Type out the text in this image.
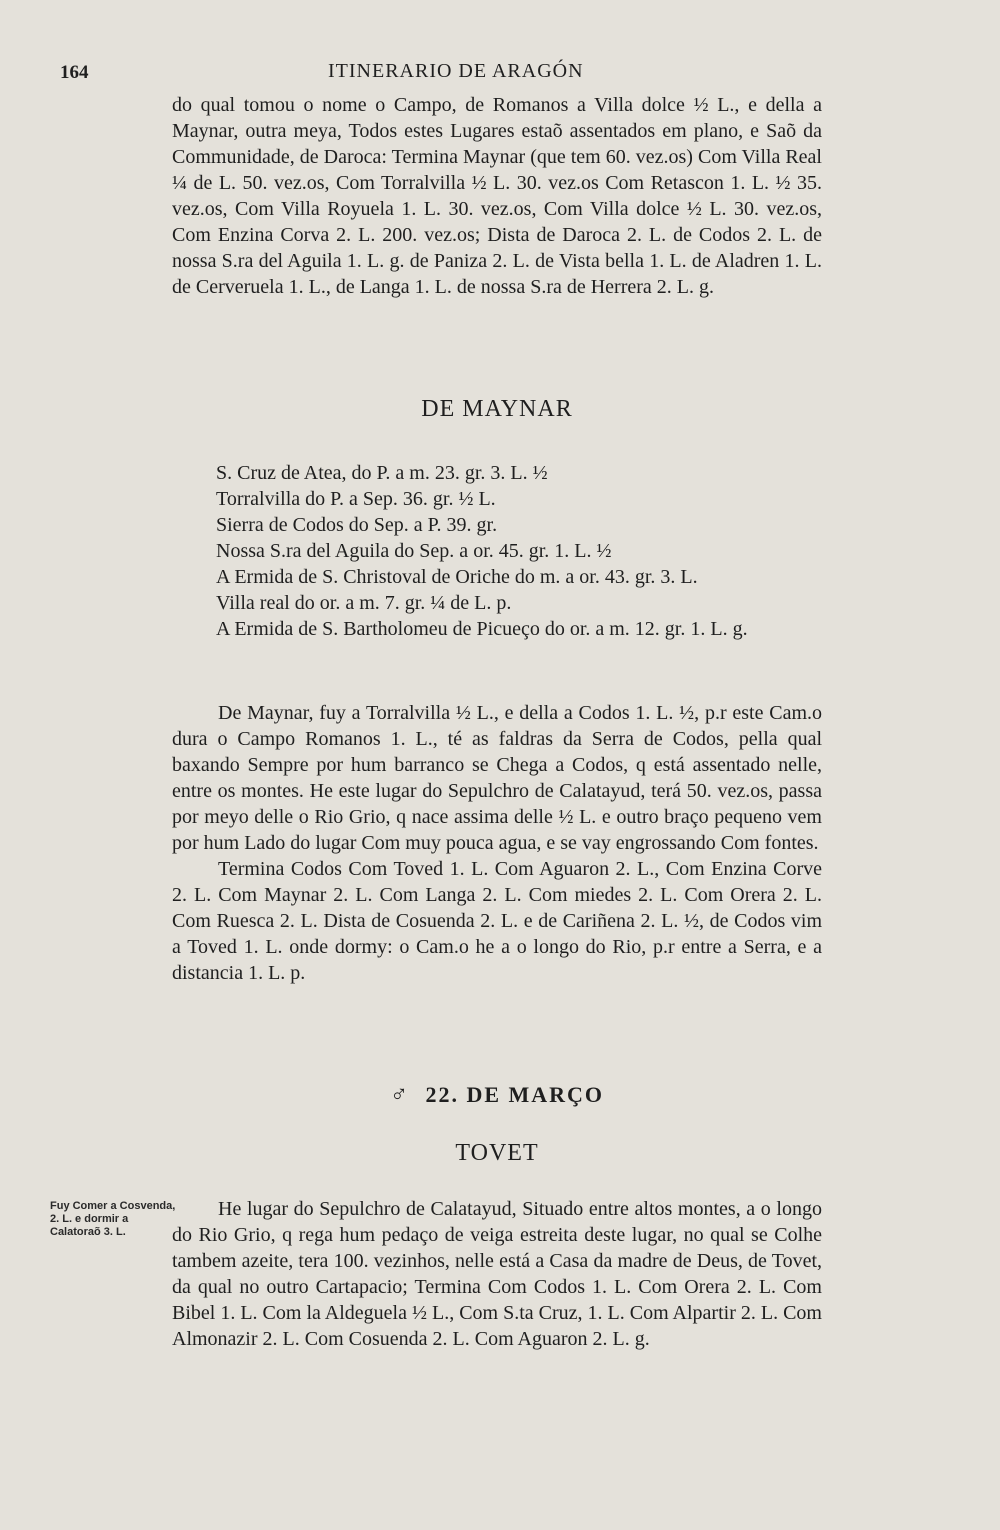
164	ITINERARIO DE ARAGÓN

do qual tomou o nome o Campo, de Romanos a Villa dolce ½ L., e della a Maynar, outra meya, Todos estes Lugares estaõ assentados em plano, e Saõ da Communidade, de Daroca: Termina Maynar (que tem 60. vez.os) Com Villa Real ¼ de L. 50. vez.os, Com Torralvilla ½ L. 30. vez.os Com Retascon 1. L. ½ 35. vez.os, Com Villa Royuela 1. L. 30. vez.os, Com Villa dolce ½ L. 30. vez.os, Com Enzina Corva 2. L. 200. vez.os; Dista de Daroca 2. L. de Codos 2. L. de nossa S.ra del Aguila 1. L. g. de Paniza 2. L. de Vista bella 1. L. de Aladren 1. L. de Cerveruela 1. L., de Langa 1. L. de nossa S.ra de Herrera 2. L. g.

DE MAYNAR
S. Cruz de Atea, do P. a m. 23. gr. 3. L. ½
Torralvilla do P. a Sep. 36. gr. ½ L.
Sierra de Codos do Sep. a P. 39. gr.
Nossa S.ra del Aguila do Sep. a or. 45. gr. 1. L. ½
A Ermida de S. Christoval de Oriche do m. a or. 43. gr. 3. L.
Villa real do or. a m. 7. gr. ¼ de L. p.
A Ermida de S. Bartholomeu de Picueço do or. a m. 12. gr. 1. L. g.

De Maynar, fuy a Torralvilla ½ L., e della a Codos 1. L. ½, p.r este Cam.o dura o Campo Romanos 1. L., té as faldras da Serra de Codos, pella qual baxando Sempre por hum barranco se Chega a Codos, q está assentado nelle, entre os montes. He este lugar do Sepulchro de Calatayud, terá 50. vez.os, passa por meyo delle o Rio Grio, q nace assima delle ½ L. e outro braço pequeno vem por hum Lado do lugar Com muy pouca agua, e se vay engrossando Com fontes.

Termina Codos Com Toved 1. L. Com Aguaron 2. L., Com Enzina Corve 2. L. Com Maynar 2. L. Com Langa 2. L. Com miedes 2. L. Com Orera 2. L. Com Ruesca 2. L. Dista de Cosuenda 2. L. e de Cariñena 2. L. ½, de Codos vim a Toved 1. L. onde dormy: o Cam.o he a o longo do Rio, p.r entre a Serra, e a distancia 1. L. p.

♂ 22. DE MARÇO
TOVET
Fuy Comer a Cosvenda, 2. L. e dormir a Calatoraõ 3. L.

He lugar do Sepulchro de Calatayud, Situado entre altos montes, a o longo do Rio Grio, q rega hum pedaço de veiga estreita deste lugar, no qual se Colhe tambem azeite, tera 100. vezinhos, nelle está a Casa da madre de Deus, de Tovet, da qual no outro Cartapacio; Termina Com Codos 1. L. Com Orera 2. L. Com Bibel 1. L. Com la Aldeguela ½ L., Com S.ta Cruz, 1. L. Com Alpartir 2. L. Com Almonazir 2. L. Com Cosuenda 2. L. Com Aguaron 2. L. g.
